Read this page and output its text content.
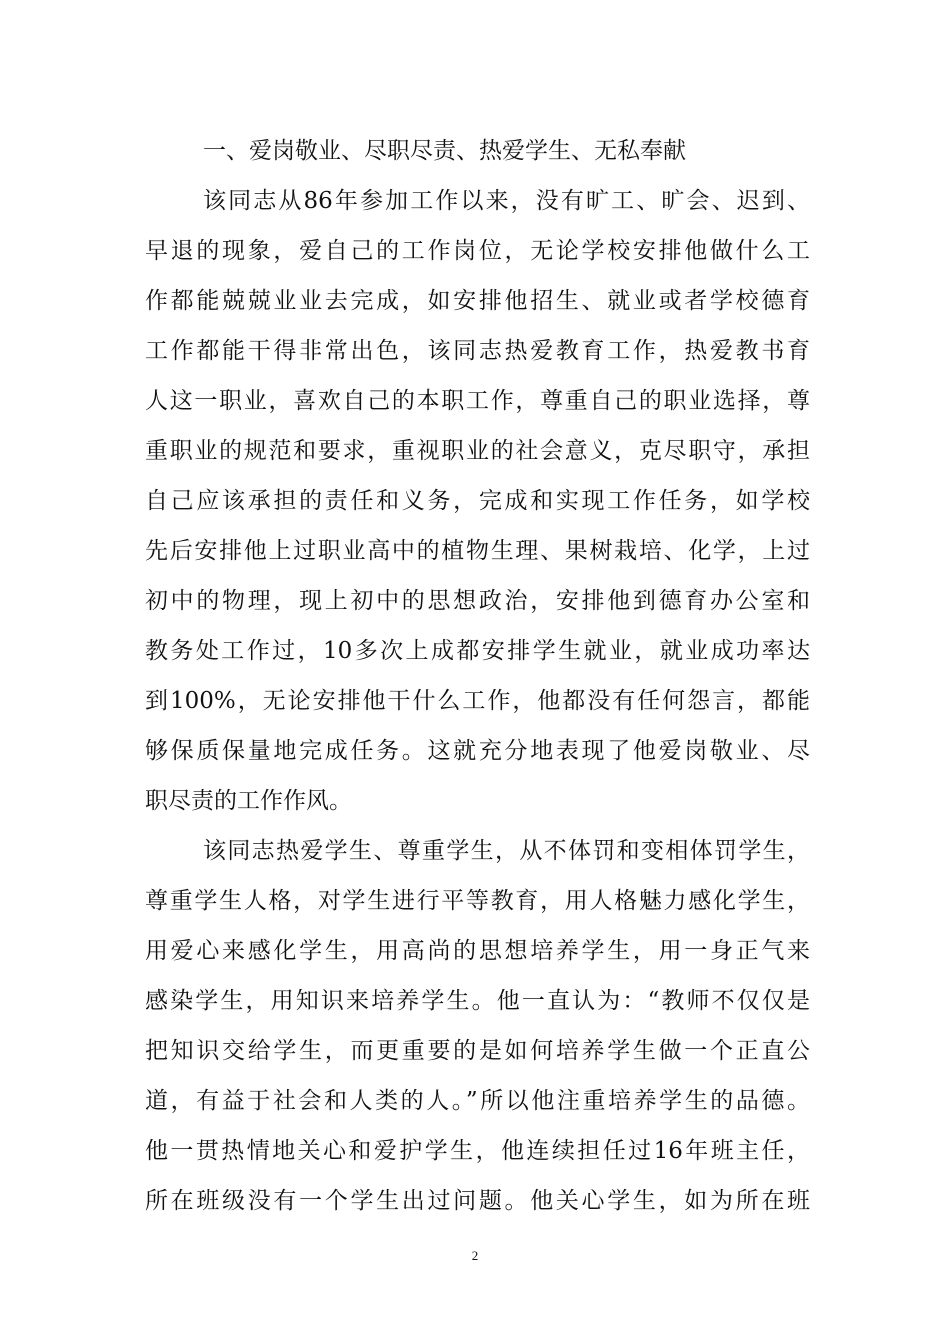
一、爱岗敬业、尽职尽责、热爱学生、无私奉献
该同志从86年参加工作以来，没有旷工、旷会、迟到、
早退的现象，爱自己的工作岗位，无论学校安排他做什么工
作都能兢兢业业去完成，如安排他招生、就业或者学校德育
工作都能干得非常出色，该同志热爱教育工作，热爱教书育
人这一职业，喜欢自己的本职工作，尊重自己的职业选择，尊
重职业的规范和要求，重视职业的社会意义，克尽职守，承担
自己应该承担的责任和义务，完成和实现工作任务，如学校
先后安排他上过职业高中的植物生理、果树栽培、化学，上过
初中的物理，现上初中的思想政治，安排他到德育办公室和
教务处工作过，10多次上成都安排学生就业，就业成功率达
到100%，无论安排他干什么工作，他都没有任何怨言，都能
够保质保量地完成任务。这就充分地表现了他爱岗敬业、尽
职尽责的工作作风。
该同志热爱学生、尊重学生，从不体罚和变相体罚学生，
尊重学生人格，对学生进行平等教育，用人格魅力感化学生，
用爱心来感化学生，用高尚的思想培养学生，用一身正气来
感染学生，用知识来培养学生。他一直认为：“教师不仅仅是
把知识交给学生，而更重要的是如何培养学生做一个正直公
道，有益于社会和人类的人。”所以他注重培养学生的品德。
他一贯热情地关心和爱护学生，他连续担任过16年班主任，
所在班级没有一个学生出过问题。他关心学生，如为所在班
2
